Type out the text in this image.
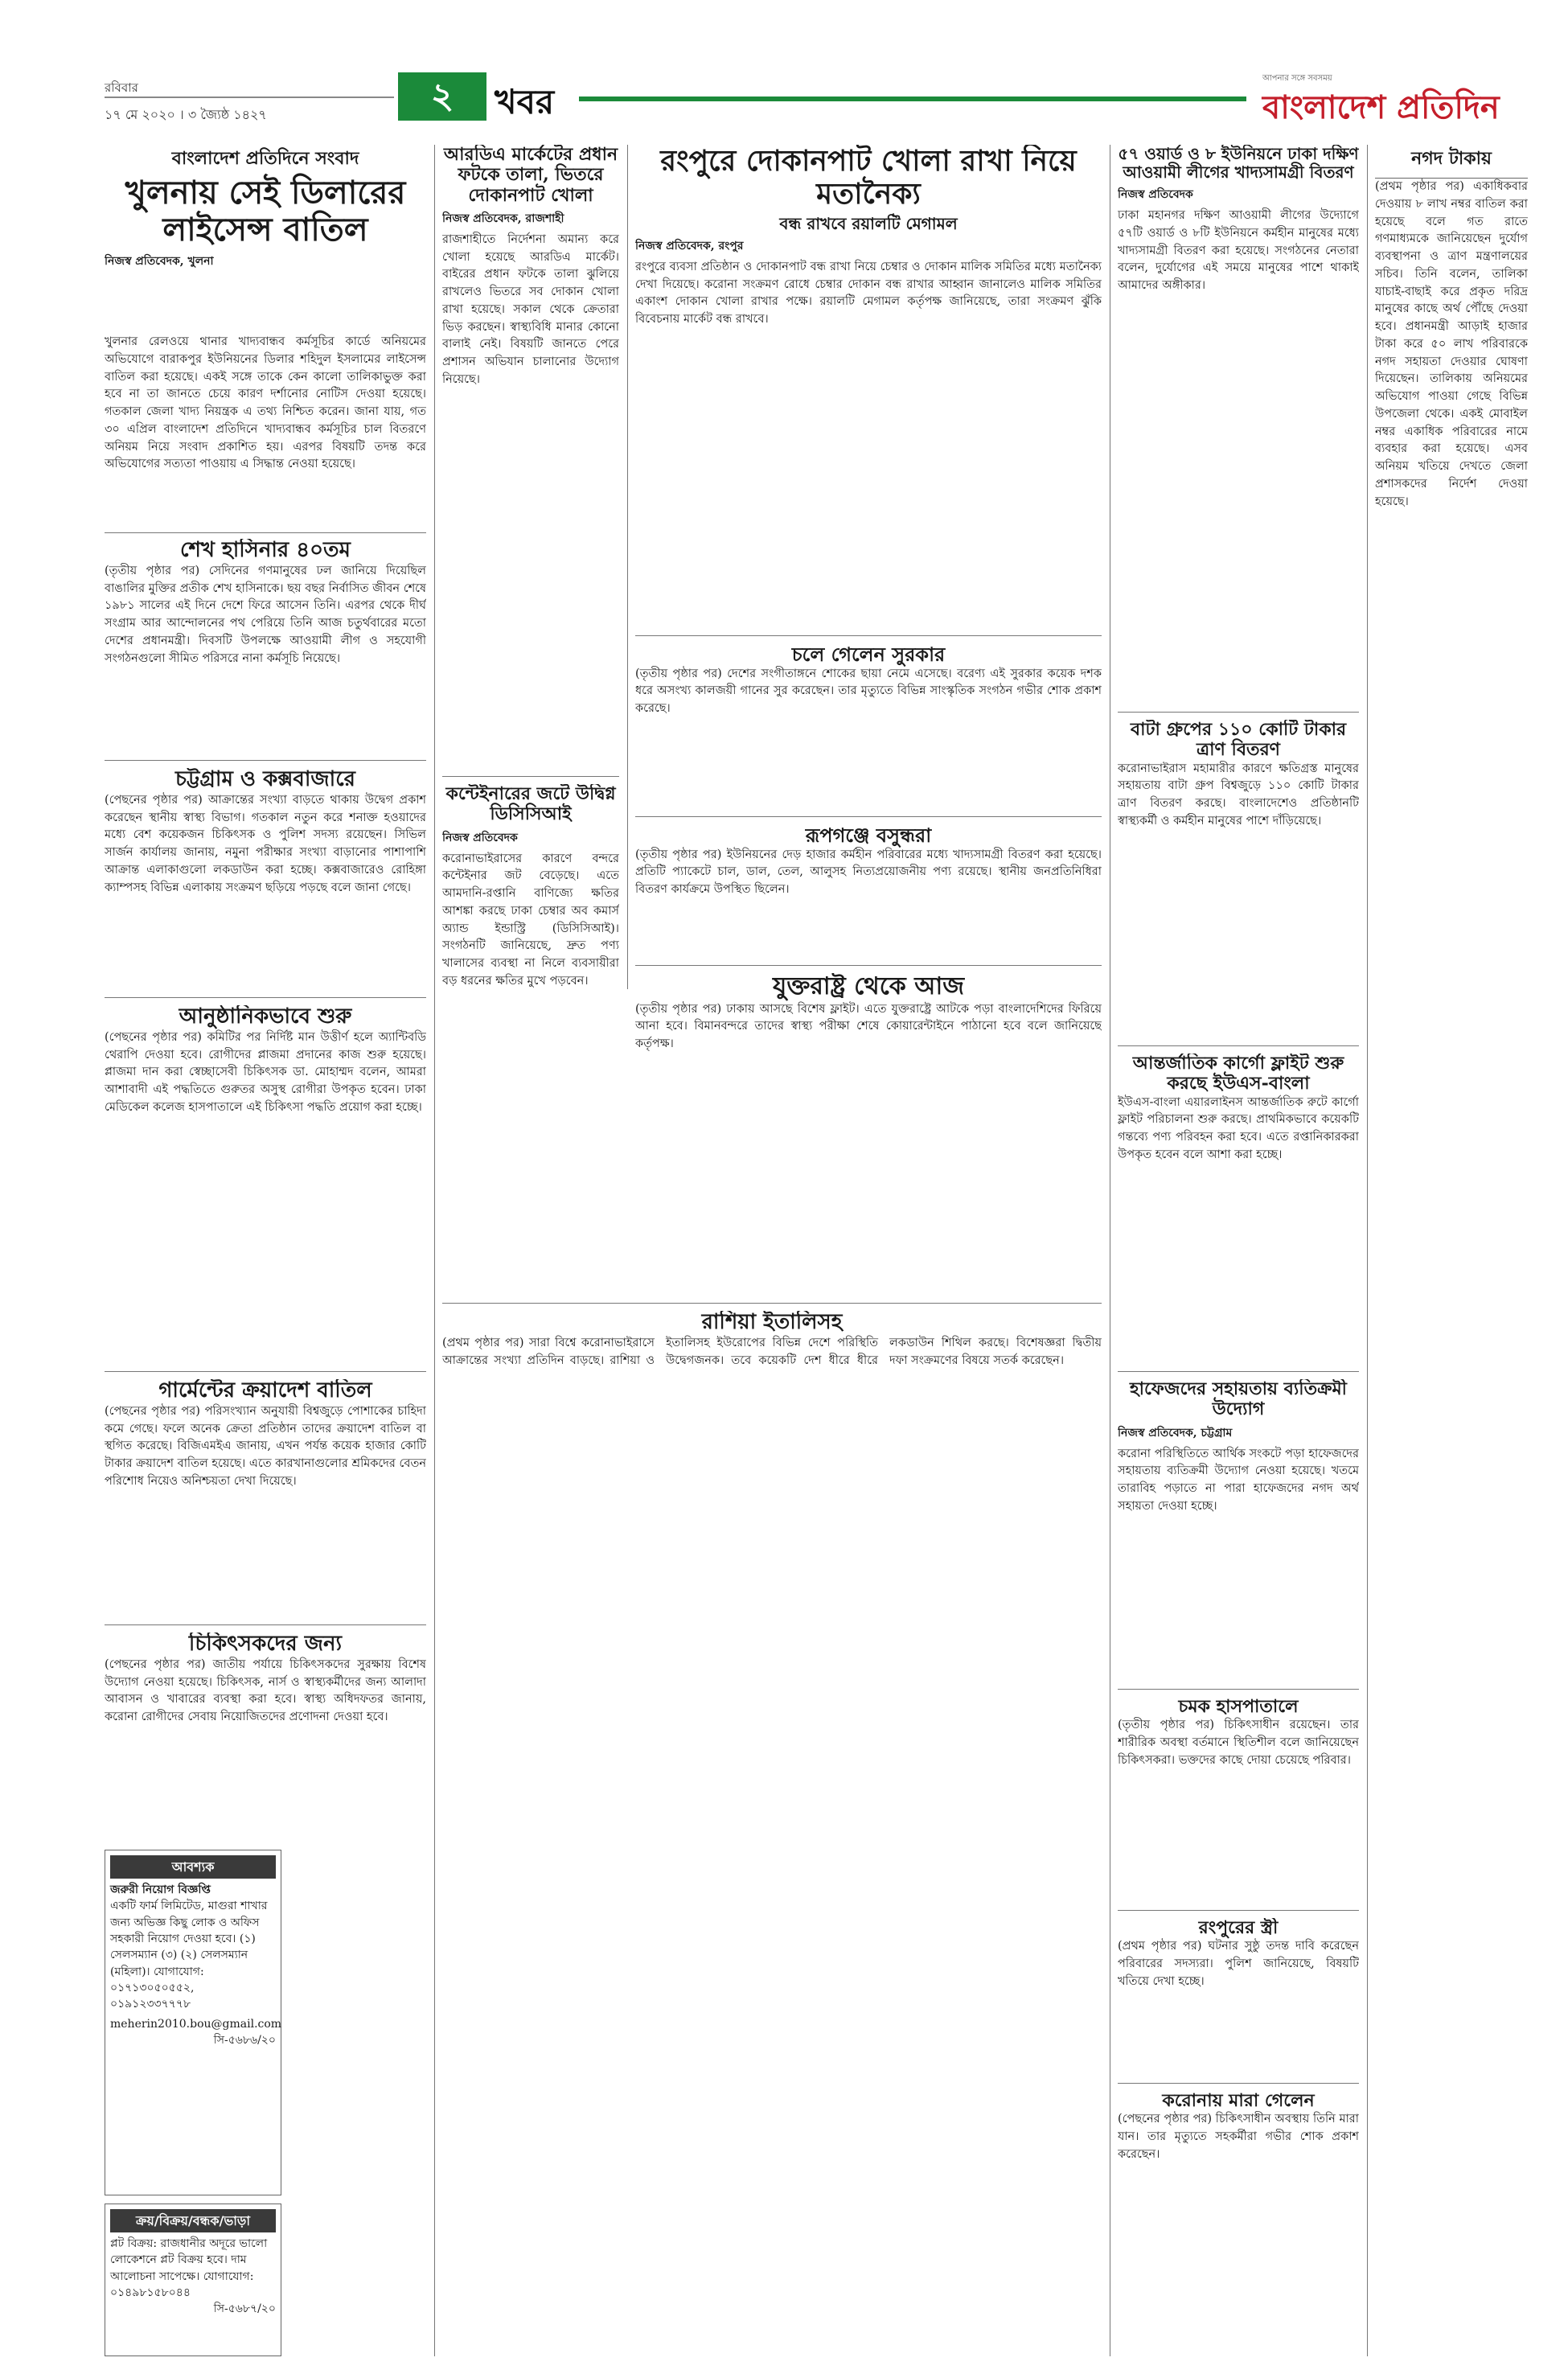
রবিবার
১৭ মে ২০২০ । ৩ জ্যৈষ্ঠ ১৪২৭	২	খবর
আপনার সঙ্গে সবসময়
বাংলাদেশ প্রতিদিন
বাংলাদেশ প্রতিদিনে সংবাদ
খুলনায় সেই ডিলারের লাইসেন্স বাতিল
নিজস্ব প্রতিবেদক, খুলনা
খুলনার রেলওয়ে থানার খাদ্যবান্ধব কর্মসূচির কার্ডে অনিয়মের অভিযোগে বারাকপুর ইউনিয়নের ডিলার শহিদুল ইসলামের লাইসেন্স বাতিল করা হয়েছে। একই সঙ্গে তাকে কেন কালো তালিকাভুক্ত করা হবে না তা জানতে চেয়ে কারণ দর্শানোর নোটিস দেওয়া হয়েছে। গতকাল জেলা খাদ্য নিয়ন্ত্রক এ তথ্য নিশ্চিত করেন। জানা যায়, গত ৩০ এপ্রিল বাংলাদেশ প্রতিদিনে খাদ্যবান্ধব কর্মসূচির চাল বিতরণে অনিয়ম নিয়ে সংবাদ প্রকাশিত হয়। এরপর বিষয়টি তদন্ত করে অভিযোগের সত্যতা পাওয়ায় এ সিদ্ধান্ত নেওয়া হয়েছে।
শেখ হাসিনার ৪০তম
(তৃতীয় পৃষ্ঠার পর) সেদিনের গণমানুষের ঢল জানিয়ে দিয়েছিল বাঙালির মুক্তির প্রতীক শেখ হাসিনাকে। ছয় বছর নির্বাসিত জীবন শেষে ১৯৮১ সালের এই দিনে দেশে ফিরে আসেন তিনি। এরপর থেকে দীর্ঘ সংগ্রাম আর আন্দোলনের পথ পেরিয়ে তিনি আজ চতুর্থবারের মতো দেশের প্রধানমন্ত্রী। দিবসটি উপলক্ষে আওয়ামী লীগ ও সহযোগী সংগঠনগুলো সীমিত পরিসরে নানা কর্মসূচি নিয়েছে।
চট্টগ্রাম ও কক্সবাজারে
(পেছনের পৃষ্ঠার পর) আক্রান্তের সংখ্যা বাড়তে থাকায় উদ্বেগ প্রকাশ করেছেন স্থানীয় স্বাস্থ্য বিভাগ। গতকাল নতুন করে শনাক্ত হওয়াদের মধ্যে বেশ কয়েকজন চিকিৎসক ও পুলিশ সদস্য রয়েছেন। সিভিল সার্জন কার্যালয় জানায়, নমুনা পরীক্ষার সংখ্যা বাড়ানোর পাশাপাশি আক্রান্ত এলাকাগুলো লকডাউন করা হচ্ছে। কক্সবাজারেও রোহিঙ্গা ক্যাম্পসহ বিভিন্ন এলাকায় সংক্রমণ ছড়িয়ে পড়ছে বলে জানা গেছে।
আনুষ্ঠানিকভাবে শুরু
(পেছনের পৃষ্ঠার পর) কমিটির পর নির্দিষ্ট মান উত্তীর্ণ হলে অ্যান্টিবডি থেরাপি দেওয়া হবে। রোগীদের প্লাজমা প্রদানের কাজ শুরু হয়েছে। প্লাজমা দান করা স্বেচ্ছাসেবী চিকিৎসক ডা. মোহাম্মদ বলেন, আমরা আশাবাদী এই পদ্ধতিতে গুরুতর অসুস্থ রোগীরা উপকৃত হবেন। ঢাকা মেডিকেল কলেজ হাসপাতালে এই চিকিৎসা পদ্ধতি প্রয়োগ করা হচ্ছে।
গার্মেন্টের ক্রয়াদেশ বাতিল
(পেছনের পৃষ্ঠার পর) পরিসংখ্যান অনুযায়ী বিশ্বজুড়ে পোশাকের চাহিদা কমে গেছে। ফলে অনেক ক্রেতা প্রতিষ্ঠান তাদের ক্রয়াদেশ বাতিল বা স্থগিত করেছে। বিজিএমইএ জানায়, এখন পর্যন্ত কয়েক হাজার কোটি টাকার ক্রয়াদেশ বাতিল হয়েছে। এতে কারখানাগুলোর শ্রমিকদের বেতন পরিশোধ নিয়েও অনিশ্চয়তা দেখা দিয়েছে।
চিকিৎসকদের জন্য
(পেছনের পৃষ্ঠার পর) জাতীয় পর্যায়ে চিকিৎসকদের সুরক্ষায় বিশেষ উদ্যোগ নেওয়া হয়েছে। চিকিৎসক, নার্স ও স্বাস্থ্যকর্মীদের জন্য আলাদা আবাসন ও খাবারের ব্যবস্থা করা হবে। স্বাস্থ্য অধিদফতর জানায়, করোনা রোগীদের সেবায় নিয়োজিতদের প্রণোদনা দেওয়া হবে।
আবশ্যক
জরুরী নিয়োগ বিজ্ঞপ্তি
একটি ফার্ম লিমিটেড, মাগুরা শাখার জন্য অভিজ্ঞ কিছু লোক ও অফিস সহকারী নিয়োগ দেওয়া হবে। (১) সেলসম্যান (৩) (২) সেলসম্যান (মহিলা)। যোগাযোগ: ০১৭১৩০৫০৫৫২, ০১৯১২৩৩৭৭৭৮
meherin2010.bou@gmail.com
সি-৫৬৮৬/২০
ক্রয়/বিক্রয়/বন্ধক/ভাড়া
প্লট বিক্রয়: রাজধানীর অদূরে ভালো লোকেশনে প্লট বিক্রয় হবে। দাম আলোচনা সাপেক্ষে। যোগাযোগ: ০১৪৯৮১৫৮০৪৪
সি-৫৬৮৭/২০
আরডিএ মার্কেটের প্রধান ফটকে তালা, ভিতরে দোকানপাট খোলা
নিজস্ব প্রতিবেদক, রাজশাহী
রাজশাহীতে নির্দেশনা অমান্য করে খোলা হয়েছে আরডিএ মার্কেট। বাইরের প্রধান ফটকে তালা ঝুলিয়ে রাখলেও ভিতরে সব দোকান খোলা রাখা হয়েছে। সকাল থেকে ক্রেতারা ভিড় করছেন। স্বাস্থ্যবিধি মানার কোনো বালাই নেই। বিষয়টি জানতে পেরে প্রশাসন অভিযান চালানোর উদ্যোগ নিয়েছে।
কন্টেইনারের জটে উদ্বিগ্ন ডিসিসিআই
নিজস্ব প্রতিবেদক
করোনাভাইরাসের কারণে বন্দরে কন্টেইনার জট বেড়েছে। এতে আমদানি-রপ্তানি বাণিজ্যে ক্ষতির আশঙ্কা করছে ঢাকা চেম্বার অব কমার্স অ্যান্ড ইন্ডাস্ট্রি (ডিসিসিআই)। সংগঠনটি জানিয়েছে, দ্রুত পণ্য খালাসের ব্যবস্থা না নিলে ব্যবসায়ীরা বড় ধরনের ক্ষতির মুখে পড়বেন।
রংপুরে দোকানপাট খোলা রাখা নিয়ে মতানৈক্য
বন্ধ রাখবে রয়ালটি মেগামল
নিজস্ব প্রতিবেদক, রংপুর
রংপুরে ব্যবসা প্রতিষ্ঠান ও দোকানপাট বন্ধ রাখা নিয়ে চেম্বার ও দোকান মালিক সমিতির মধ্যে মতানৈক্য দেখা দিয়েছে। করোনা সংক্রমণ রোধে চেম্বার দোকান বন্ধ রাখার আহ্বান জানালেও মালিক সমিতির একাংশ দোকান খোলা রাখার পক্ষে। রয়ালটি মেগামল কর্তৃপক্ষ জানিয়েছে, তারা সংক্রমণ ঝুঁকি বিবেচনায় মার্কেট বন্ধ রাখবে।
চলে গেলেন সুরকার
(তৃতীয় পৃষ্ঠার পর) দেশের সংগীতাঙ্গনে শোকের ছায়া নেমে এসেছে। বরেণ্য এই সুরকার কয়েক দশক ধরে অসংখ্য কালজয়ী গানের সুর করেছেন। তার মৃত্যুতে বিভিন্ন সাংস্কৃতিক সংগঠন গভীর শোক প্রকাশ করেছে।
রূপগঞ্জে বসুন্ধরা
(তৃতীয় পৃষ্ঠার পর) ইউনিয়নের দেড় হাজার কর্মহীন পরিবারের মধ্যে খাদ্যসামগ্রী বিতরণ করা হয়েছে। প্রতিটি প্যাকেটে চাল, ডাল, তেল, আলুসহ নিত্যপ্রয়োজনীয় পণ্য রয়েছে। স্থানীয় জনপ্রতিনিধিরা বিতরণ কার্যক্রমে উপস্থিত ছিলেন।
যুক্তরাষ্ট্র থেকে আজ
(তৃতীয় পৃষ্ঠার পর) ঢাকায় আসছে বিশেষ ফ্লাইট। এতে যুক্তরাষ্ট্রে আটকে পড়া বাংলাদেশিদের ফিরিয়ে আনা হবে। বিমানবন্দরে তাদের স্বাস্থ্য পরীক্ষা শেষে কোয়ারেন্টাইনে পাঠানো হবে বলে জানিয়েছে কর্তৃপক্ষ।
রাশিয়া ইতালিসহ
(প্রথম পৃষ্ঠার পর) সারা বিশ্বে করোনাভাইরাসে আক্রান্তের সংখ্যা প্রতিদিন বাড়ছে। রাশিয়া ও ইতালিসহ ইউরোপের বিভিন্ন দেশে পরিস্থিতি উদ্বেগজনক। তবে কয়েকটি দেশ ধীরে ধীরে লকডাউন শিথিল করছে। বিশেষজ্ঞরা দ্বিতীয় দফা সংক্রমণের বিষয়ে সতর্ক করেছেন।
৫৭ ওয়ার্ড ও ৮ ইউনিয়নে ঢাকা দক্ষিণ আওয়ামী লীগের খাদ্যসামগ্রী বিতরণ
নিজস্ব প্রতিবেদক
ঢাকা মহানগর দক্ষিণ আওয়ামী লীগের উদ্যোগে ৫৭টি ওয়ার্ড ও ৮টি ইউনিয়নে কর্মহীন মানুষের মধ্যে খাদ্যসামগ্রী বিতরণ করা হয়েছে। সংগঠনের নেতারা বলেন, দুর্যোগের এই সময়ে মানুষের পাশে থাকাই আমাদের অঙ্গীকার।
বাটা গ্রুপের ১১০ কোটি টাকার ত্রাণ বিতরণ
করোনাভাইরাস মহামারীর কারণে ক্ষতিগ্রস্ত মানুষের সহায়তায় বাটা গ্রুপ বিশ্বজুড়ে ১১০ কোটি টাকার ত্রাণ বিতরণ করছে। বাংলাদেশেও প্রতিষ্ঠানটি স্বাস্থ্যকর্মী ও কর্মহীন মানুষের পাশে দাঁড়িয়েছে।
আন্তর্জাতিক কার্গো ফ্লাইট শুরু করছে ইউএস-বাংলা
ইউএস-বাংলা এয়ারলাইনস আন্তর্জাতিক রুটে কার্গো ফ্লাইট পরিচালনা শুরু করছে। প্রাথমিকভাবে কয়েকটি গন্তব্যে পণ্য পরিবহন করা হবে। এতে রপ্তানিকারকরা উপকৃত হবেন বলে আশা করা হচ্ছে।
হাফেজদের সহায়তায় ব্যতিক্রমী উদ্যোগ
নিজস্ব প্রতিবেদক, চট্টগ্রাম
করোনা পরিস্থিতিতে আর্থিক সংকটে পড়া হাফেজদের সহায়তায় ব্যতিক্রমী উদ্যোগ নেওয়া হয়েছে। খতমে তারাবিহ পড়াতে না পারা হাফেজদের নগদ অর্থ সহায়তা দেওয়া হচ্ছে।
চমক হাসপাতালে
(তৃতীয় পৃষ্ঠার পর) চিকিৎসাধীন রয়েছেন। তার শারীরিক অবস্থা বর্তমানে স্থিতিশীল বলে জানিয়েছেন চিকিৎসকরা। ভক্তদের কাছে দোয়া চেয়েছে পরিবার।
রংপুরের স্ত্রী
(প্রথম পৃষ্ঠার পর) ঘটনার সুষ্ঠু তদন্ত দাবি করেছেন পরিবারের সদস্যরা। পুলিশ জানিয়েছে, বিষয়টি খতিয়ে দেখা হচ্ছে।
করোনায় মারা গেলেন
(পেছনের পৃষ্ঠার পর) চিকিৎসাধীন অবস্থায় তিনি মারা যান। তার মৃত্যুতে সহকর্মীরা গভীর শোক প্রকাশ করেছেন।
নগদ টাকায়
(প্রথম পৃষ্ঠার পর) একাধিকবার দেওয়ায় ৮ লাখ নম্বর বাতিল করা হয়েছে বলে গত রাতে গণমাধ্যমকে জানিয়েছেন দুর্যোগ ব্যবস্থাপনা ও ত্রাণ মন্ত্রণালয়ের সচিব। তিনি বলেন, তালিকা যাচাই-বাছাই করে প্রকৃত দরিদ্র মানুষের কাছে অর্থ পৌঁছে দেওয়া হবে। প্রধানমন্ত্রী আড়াই হাজার টাকা করে ৫০ লাখ পরিবারকে নগদ সহায়তা দেওয়ার ঘোষণা দিয়েছেন। তালিকায় অনিয়মের অভিযোগ পাওয়া গেছে বিভিন্ন উপজেলা থেকে। একই মোবাইল নম্বর একাধিক পরিবারের নামে ব্যবহার করা হয়েছে। এসব অনিয়ম খতিয়ে দেখতে জেলা প্রশাসকদের নির্দেশ দেওয়া হয়েছে।
